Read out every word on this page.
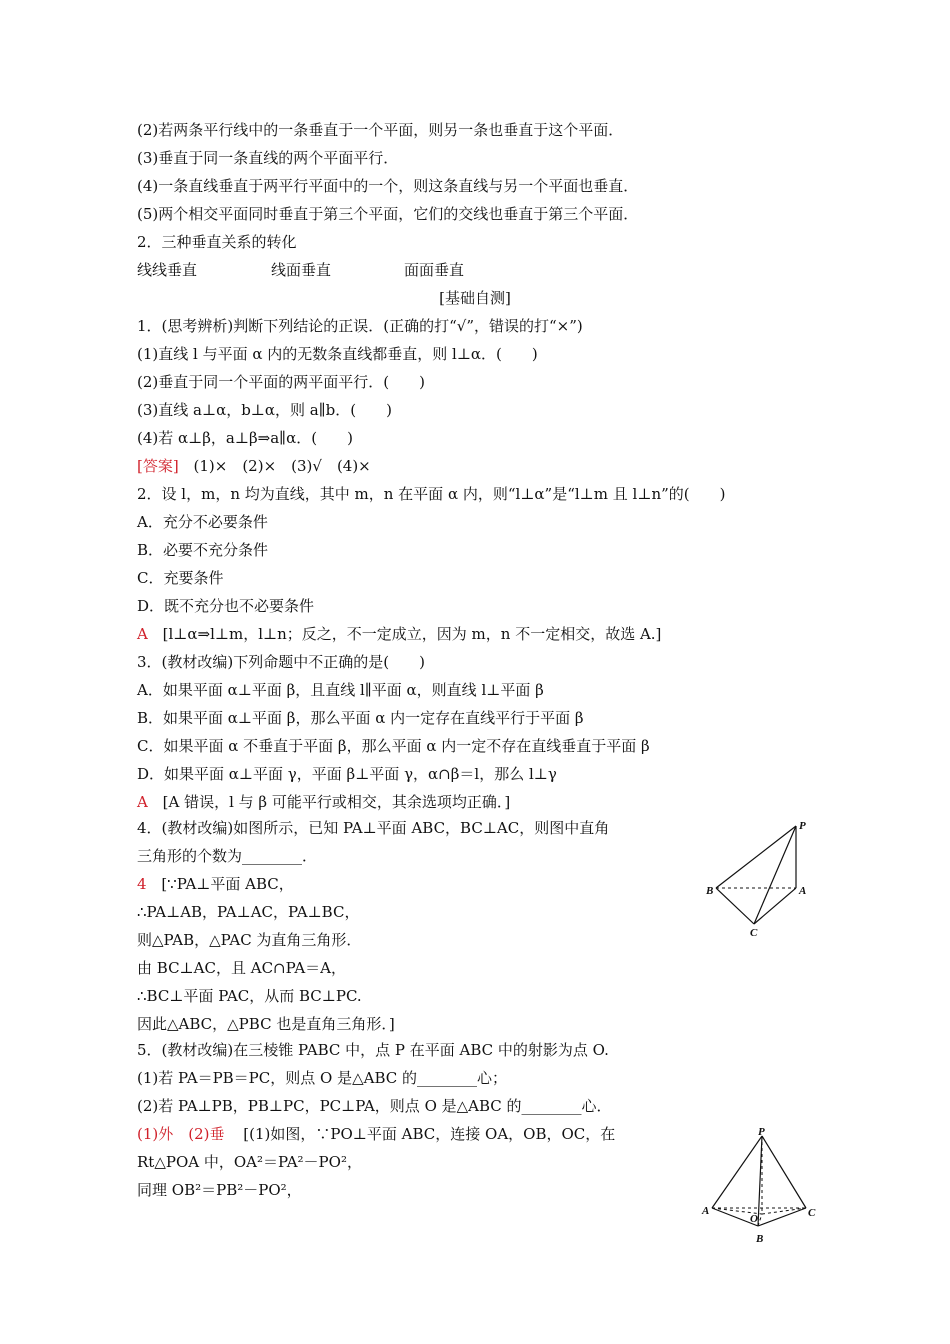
(2)若两条平行线中的一条垂直于一个平面，则另一条也垂直于这个平面．
(3)垂直于同一条直线的两个平面平行．
(4)一条直线垂直于两平行平面中的一个，则这条直线与另一个平面也垂直．
(5)两个相交平面同时垂直于第三个平面，它们的交线也垂直于第三个平面．
2．三种垂直关系的转化
线线垂直	线面垂直	面面垂直
[基础自测]
1．(思考辨析)判断下列结论的正误．(正确的打“√”，错误的打“×”)
(1)直线 l 与平面 α 内的无数条直线都垂直，则 l⊥α．(　　)
(2)垂直于同一个平面的两平面平行．(　　)
(3)直线 a⊥α，b⊥α，则 a∥b．(　　)
(4)若 α⊥β，a⊥β⇒a∥α．(　　)
[答案] (1)×　(2)×　(3)√　(4)×
2．设 l，m，n 均为直线，其中 m，n 在平面 α 内，则“l⊥α”是“l⊥m 且 l⊥n”的(　　)
A．充分不必要条件
B．必要不充分条件
C．充要条件
D．既不充分也不必要条件
A [l⊥α⇒l⊥m，l⊥n；反之，不一定成立，因为 m，n 不一定相交，故选 A.]
3．(教材改编)下列命题中不正确的是(　　)
A．如果平面 α⊥平面 β，且直线 l∥平面 α，则直线 l⊥平面 β
B．如果平面 α⊥平面 β，那么平面 α 内一定存在直线平行于平面 β
C．如果平面 α 不垂直于平面 β，那么平面 α 内一定不存在直线垂直于平面 β
D．如果平面 α⊥平面 γ，平面 β⊥平面 γ，α∩β＝l，那么 l⊥γ
A [A 错误，l 与 β 可能平行或相交，其余选项均正确．]
4．(教材改编)如图所示，已知 PA⊥平面 ABC，BC⊥AC，则图中直角
三角形的个数为________．
4 [∵PA⊥平面 ABC，
∴PA⊥AB，PA⊥AC，PA⊥BC，
则△PAB，△PAC 为直角三角形．
由 BC⊥AC，且 AC∩PA＝A，
∴BC⊥平面 PAC，从而 BC⊥PC.
因此△ABC，△PBC 也是直角三角形．]
P
B	A
C
5．(教材改编)在三棱锥 PABC 中，点 P 在平面 ABC 中的射影为点 O.
(1)若 PA＝PB＝PC，则点 O 是△ABC 的________心；
(2)若 PA⊥PB，PB⊥PC，PC⊥PA，则点 O 是△ABC 的________心．
(1)外　(2)垂 [(1)如图，∵PO⊥平面 ABC，连接 OA，OB，OC，在
Rt△POA 中，OA²＝PA²－PO²，
同理 OB²＝PB²－PO²，
P
A
O	C
B
